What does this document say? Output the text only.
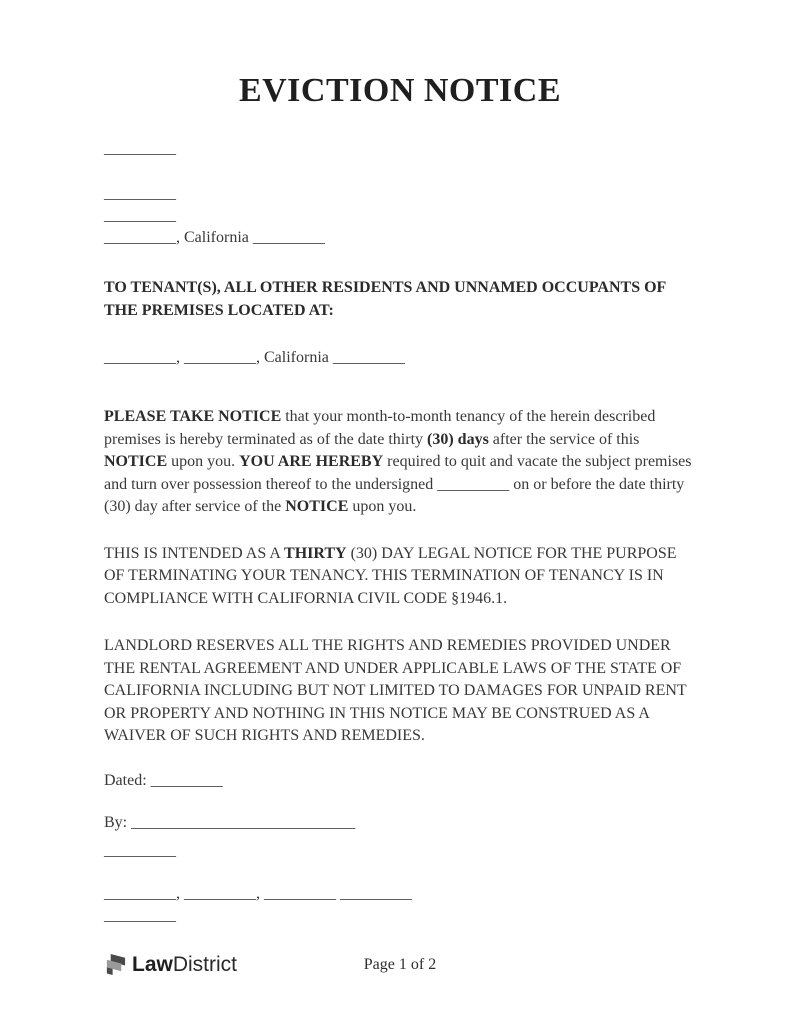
EVICTION NOTICE

_________

_________

_________

_________, California _________

TO TENANT(S), ALL OTHER RESIDENTS AND UNNAMED OCCUPANTS OF THE PREMISES LOCATED AT:

_________, _________, California _________

PLEASE TAKE NOTICE that your month-to-month tenancy of the herein described premises is hereby terminated as of the date thirty (30) days after the service of this NOTICE upon you. YOU ARE HEREBY required to quit and vacate the subject premises and turn over possession thereof to the undersigned _________ on or before the date thirty (30) day after service of the NOTICE upon you.

THIS IS INTENDED AS A THIRTY (30) DAY LEGAL NOTICE FOR THE PURPOSE OF TERMINATING YOUR TENANCY. THIS TERMINATION OF TENANCY IS IN COMPLIANCE WITH CALIFORNIA CIVIL CODE §1946.1.

LANDLORD RESERVES ALL THE RIGHTS AND REMEDIES PROVIDED UNDER THE RENTAL AGREEMENT AND UNDER APPLICABLE LAWS OF THE STATE OF CALIFORNIA INCLUDING BUT NOT LIMITED TO DAMAGES FOR UNPAID RENT OR PROPERTY AND NOTHING IN THIS NOTICE MAY BE CONSTRUED AS A WAIVER OF SUCH RIGHTS AND REMEDIES.

Dated: _________

By: ____________________________

_________

_________, _________, _________ _________

_________

LawDistrict	Page 1 of 2
